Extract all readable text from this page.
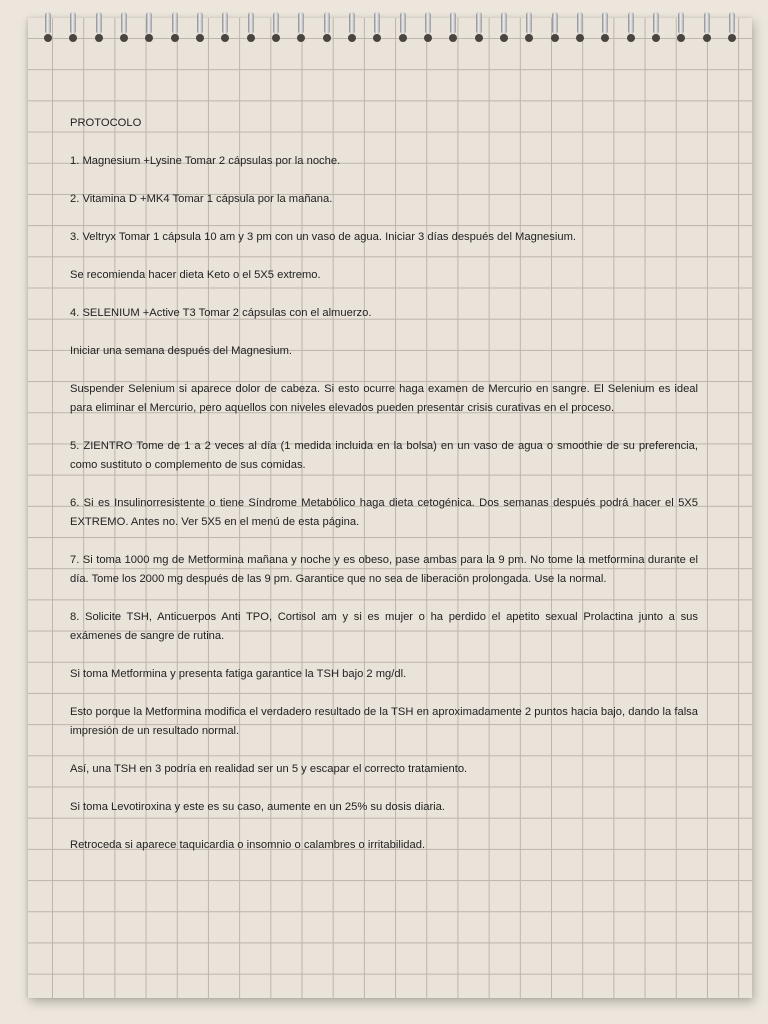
PROTOCOLO

1. Magnesium +Lysine Tomar 2 cápsulas por la noche.

2. Vitamina D +MK4 Tomar 1 cápsula por la mañana.

3. Veltryx Tomar 1 cápsula 10 am y 3 pm con un vaso de agua. Iniciar 3 días después del Magnesium.

Se recomienda hacer dieta Keto o el 5X5 extremo.

4. SELENIUM +Active T3 Tomar 2 cápsulas con el almuerzo.

Iniciar una semana después del Magnesium.

Suspender Selenium si aparece dolor de cabeza. Si esto ocurre haga examen de Mercurio en sangre. El Selenium es ideal para eliminar el Mercurio, pero aquellos con niveles elevados pueden presentar crisis curativas en el proceso.

5. ZIENTRO Tome de 1 a 2 veces al día (1 medida incluida en la bolsa) en un vaso de agua o smoothie de su preferencia, como sustituto o complemento de sus comidas.

6. Si es Insulinorresistente o tiene Síndrome Metabólico haga dieta cetogénica. Dos semanas después podrá hacer el 5X5 EXTREMO. Antes no. Ver 5X5 en el menú de esta página.

7. Si toma 1000 mg de Metformina mañana y noche y es obeso, pase ambas para la 9 pm. No tome la metformina durante el día. Tome los 2000 mg después de las 9 pm. Garantice que no sea de liberación prolongada. Use la normal.

8. Solicite TSH, Anticuerpos Anti TPO, Cortisol am y si es mujer o ha perdido el apetito sexual Prolactina junto a sus exámenes de sangre de rutina.

Si toma Metformina y presenta fatiga garantice la TSH bajo 2 mg/dl.

Esto porque la Metformina modifica el verdadero resultado de la TSH en aproximadamente 2 puntos hacia bajo, dando la falsa impresión de un resultado normal.

Así, una TSH en 3 podría en realidad ser un 5 y escapar el correcto tratamiento.

Si toma Levotiroxina y este es su caso, aumente en un 25% su dosis diaria.

Retroceda si aparece taquicardia o insomnio o calambres o irritabilidad.
